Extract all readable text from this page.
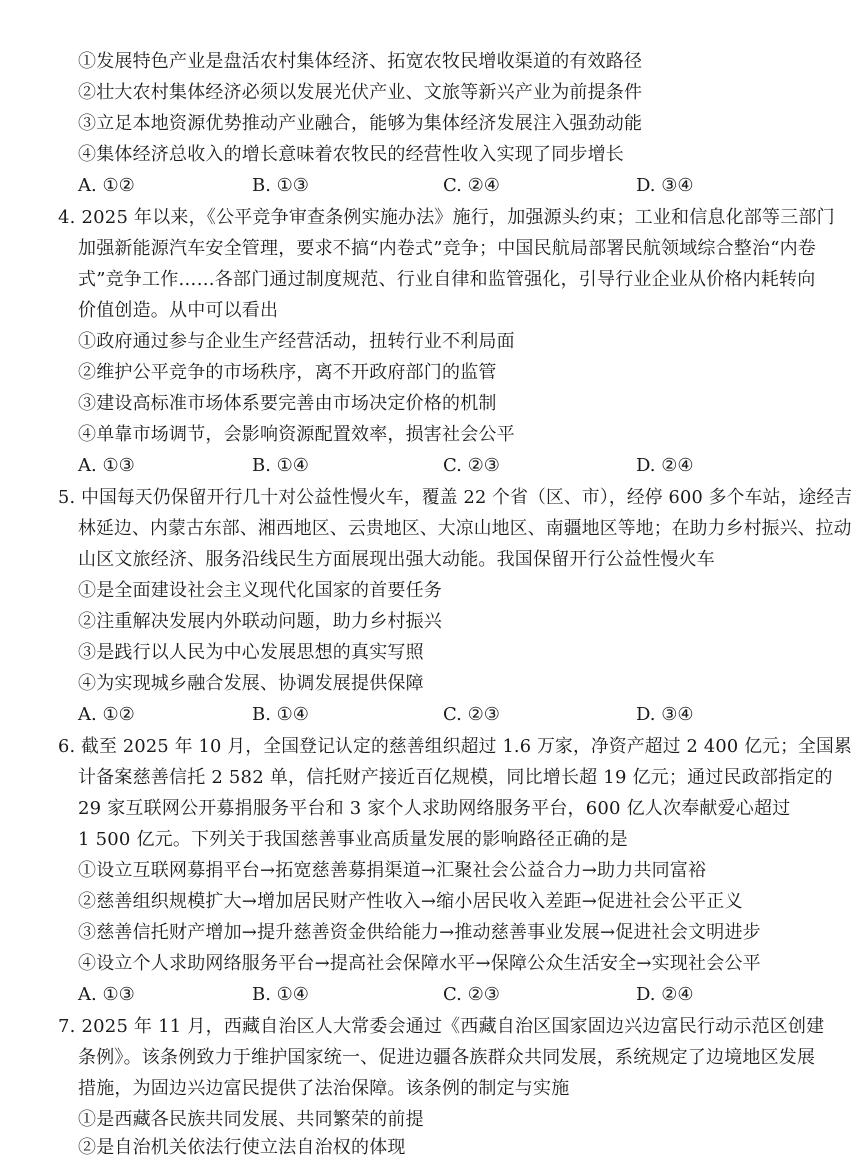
①发展特色产业是盘活农村集体经济、拓宽农牧民增收渠道的有效路径
②壮大农村集体经济必须以发展光伏产业、文旅等新兴产业为前提条件
③立足本地资源优势推动产业融合，能够为集体经济发展注入强劲动能
④集体经济总收入的增长意味着农牧民的经营性收入实现了同步增长
A. ①②	B. ①③	C. ②④	D. ③④
4. 2025 年以来，《公平竞争审查条例实施办法》施行，加强源头约束；工业和信息化部等三部门
加强新能源汽车安全管理，要求不搞“内卷式”竞争；中国民航局部署民航领域综合整治“内卷
式”竞争工作……各部门通过制度规范、行业自律和监管强化，引导行业企业从价格内耗转向
价值创造。从中可以看出
①政府通过参与企业生产经营活动，扭转行业不利局面
②维护公平竞争的市场秩序，离不开政府部门的监管
③建设高标准市场体系要完善由市场决定价格的机制
④单靠市场调节，会影响资源配置效率，损害社会公平
A. ①③	B. ①④	C. ②③	D. ②④
5. 中国每天仍保留开行几十对公益性慢火车，覆盖 22 个省（区、市），经停 600 多个车站，途经吉
林延边、内蒙古东部、湘西地区、云贵地区、大凉山地区、南疆地区等地；在助力乡村振兴、拉动
山区文旅经济、服务沿线民生方面展现出强大动能。我国保留开行公益性慢火车
①是全面建设社会主义现代化国家的首要任务
②注重解决发展内外联动问题，助力乡村振兴
③是践行以人民为中心发展思想的真实写照
④为实现城乡融合发展、协调发展提供保障
A. ①②	B. ①④	C. ②③	D. ③④
6. 截至 2025 年 10 月，全国登记认定的慈善组织超过 1.6 万家，净资产超过 2 400 亿元；全国累
计备案慈善信托 2 582 单，信托财产接近百亿规模，同比增长超 19 亿元；通过民政部指定的
29 家互联网公开募捐服务平台和 3 家个人求助网络服务平台，600 亿人次奉献爱心超过
1 500 亿元。下列关于我国慈善事业高质量发展的影响路径正确的是
①设立互联网募捐平台→拓宽慈善募捐渠道→汇聚社会公益合力→助力共同富裕
②慈善组织规模扩大→增加居民财产性收入→缩小居民收入差距→促进社会公平正义
③慈善信托财产增加→提升慈善资金供给能力→推动慈善事业发展→促进社会文明进步
④设立个人求助网络服务平台→提高社会保障水平→保障公众生活安全→实现社会公平
A. ①③	B. ①④	C. ②③	D. ②④
7. 2025 年 11 月，西藏自治区人大常委会通过《西藏自治区国家固边兴边富民行动示范区创建
条例》。该条例致力于维护国家统一、促进边疆各族群众共同发展，系统规定了边境地区发展
措施，为固边兴边富民提供了法治保障。该条例的制定与实施
①是西藏各民族共同发展、共同繁荣的前提
②是自治机关依法行使立法自治权的体现
